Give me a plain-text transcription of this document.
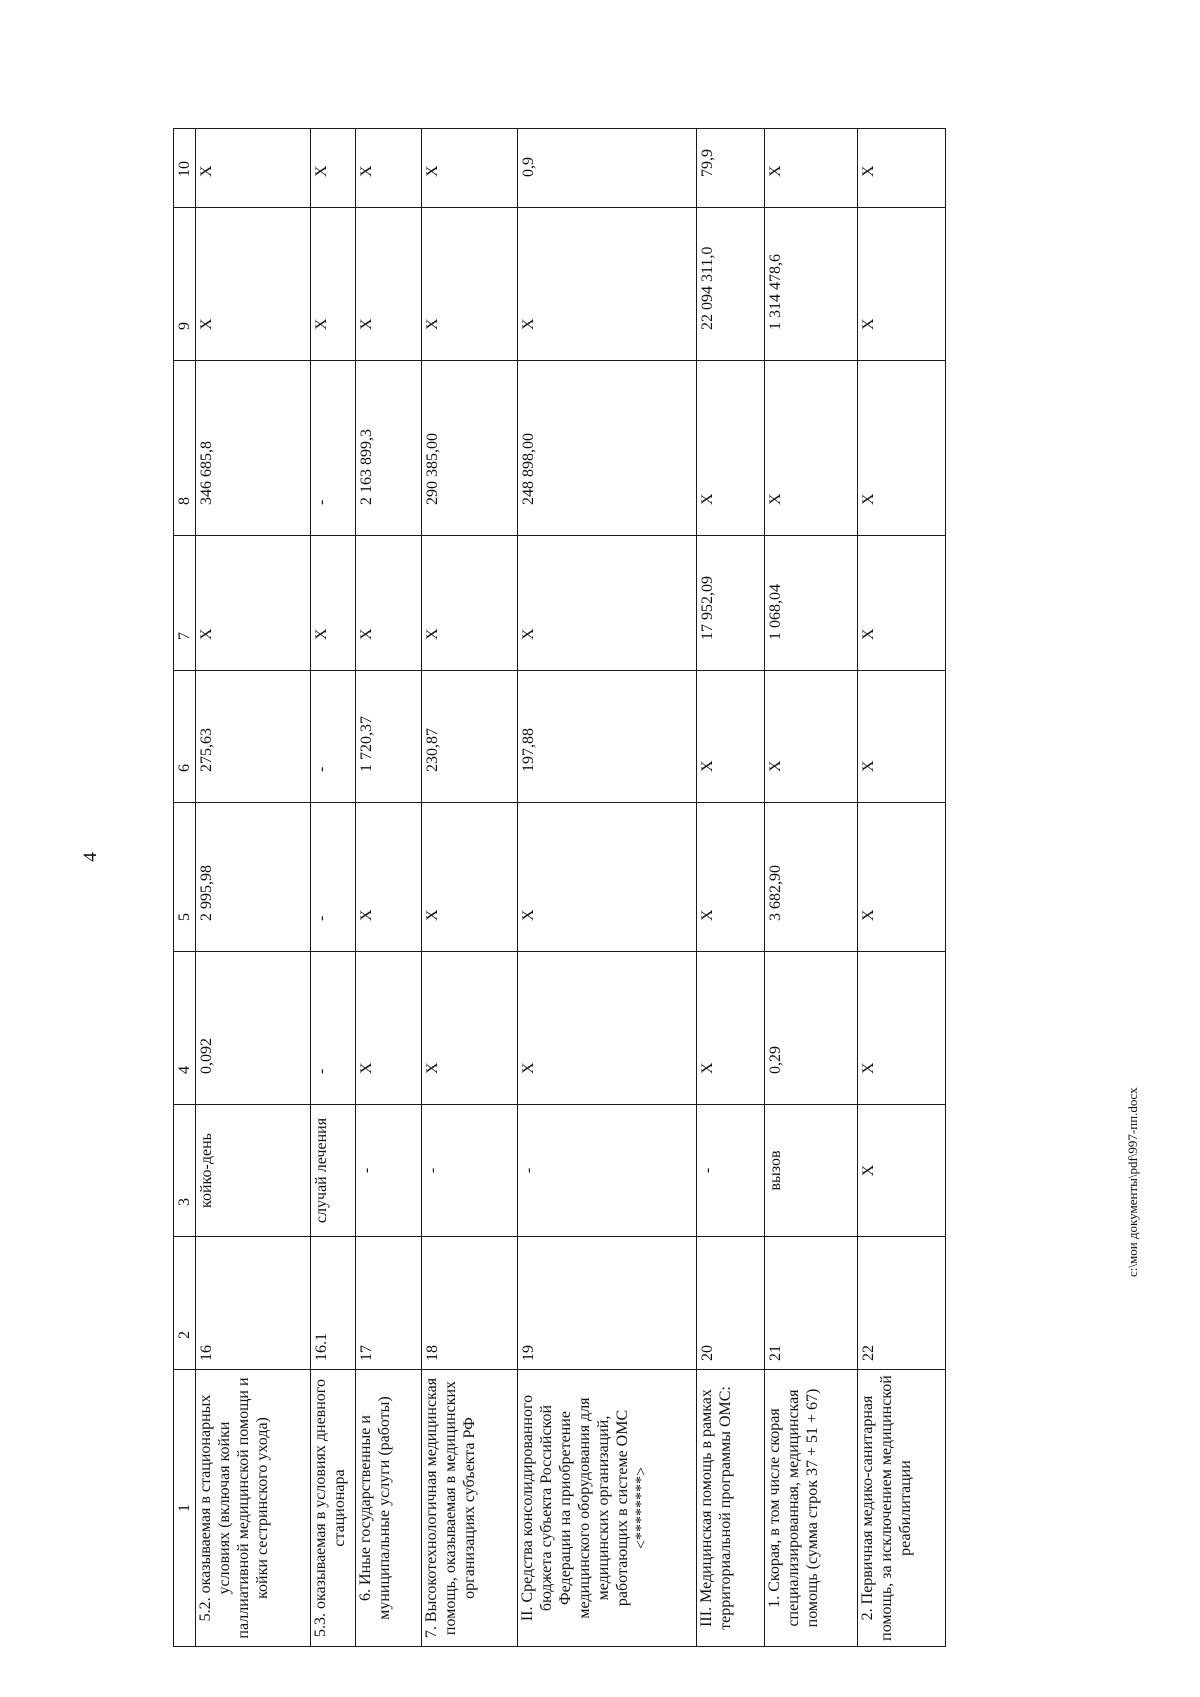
4
1	2	3	4	5	6	7	8	9	10
5.2. оказываемая в стационарных условиях (включая койки паллиативной медицинской помощи и койки сестринского ухода)	16	койко-день	0,092	2 995,98	275,63	X	346 685,8	X	X
5.3. оказываемая в условиях дневного стационара	16.1	случай лечения	-	-	-	X	-	X	X
6. Иные государственные и муниципальные услуги (работы)	17	-	X	X	1 720,37	X	2 163 899,3	X	X
7. Высокотехнологичная медицинская помощь, оказываемая в медицинских организациях субъекта РФ	18	-	X	X	230,87	X	290 385,00	X	X
II. Средства консолидированного бюджета субъекта Российской Федерации на приобретение медицинского оборудования для медицинских организаций, работающих в системе ОМС <********>	19	-	X	X	197,88	X	248 898,00	X	0,9
III. Медицинская помощь в рамках территориальной программы ОМС:	20	-	X	X	X	17 952,09	X	22 094 311,0	79,9
1. Скорая, в том числе скорая специализированная, медицинская помощь (сумма строк 37 + 51 + 67)	21	вызов	0,29	3 682,90	X	1 068,04	X	1 314 478,6	X
2. Первичная медико-санитарная помощь, за исключением медицинской реабилитации	22	X	X	X	X	X	X	X	X
c:\мои документы\pdf\997-пп.docx
